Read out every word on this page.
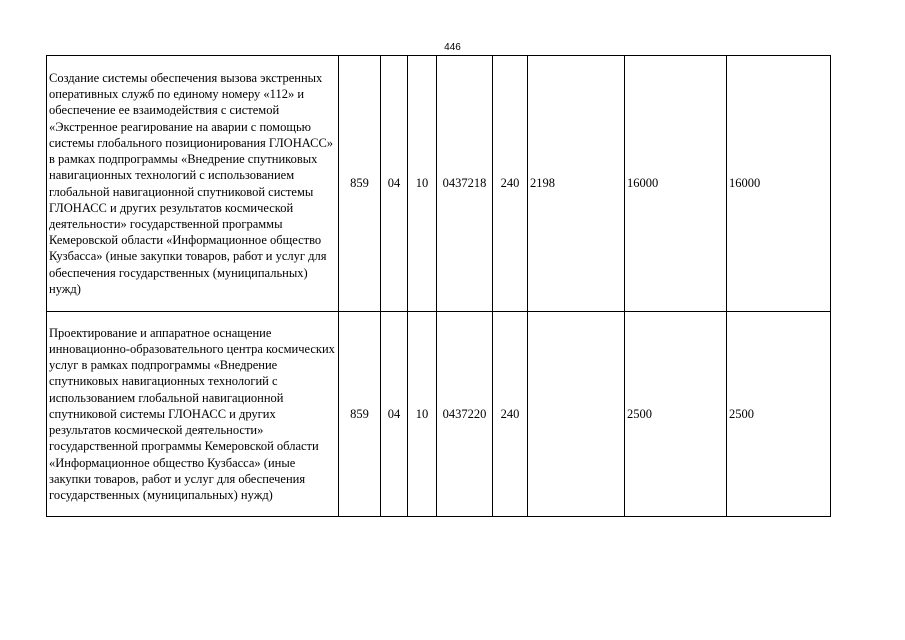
446
Создание системы обеспечения вызова экстренных оперативных служб по единому номеру «112» и обеспечение ее взаимодействия с системой «Экстренное реагирование на аварии с помощью системы глобального позиционирования ГЛОНАСС» в рамках подпрограммы «Внедрение спутниковых навигационных технологий с использованием глобальной навигационной спутниковой системы ГЛОНАСС и других результатов космической деятельности» государственной программы Кемеровской области «Информационное общество Кузбасса» (иные закупки товаров, работ и услуг для обеспечения государственных (муниципальных) нужд)	859	04	10	0437218	240	2198	16000	16000
Проектирование и аппаратное оснащение инновационно-образовательного центра космических услуг в рамках подпрограммы «Внедрение спутниковых навигационных технологий с использованием глобальной навигационной спутниковой системы ГЛОНАСС и других результатов космической деятельности» государственной программы Кемеровской области «Информационное общество Кузбасса» (иные закупки товаров, работ и услуг для обеспечения государственных (муниципальных) нужд)	859	04	10	0437220	240		2500	2500
